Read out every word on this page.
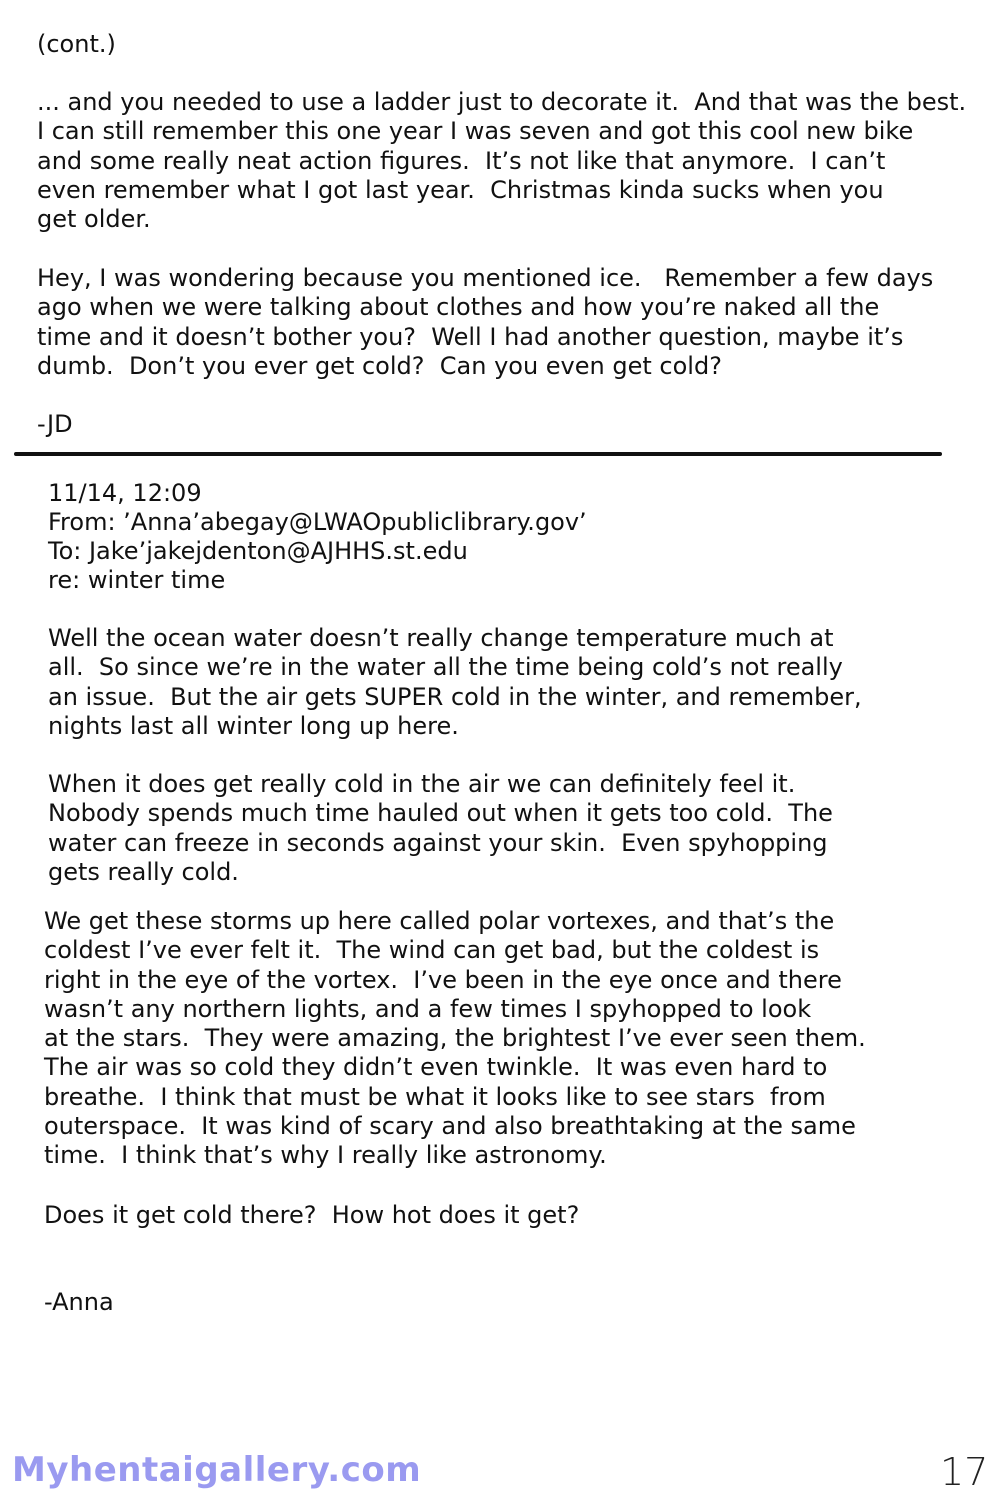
(cont.)

... and you needed to use a ladder just to decorate it.  And that was the best.
I can still remember this one year I was seven and got this cool new bike
and some really neat action figures.  It’s not like that anymore.  I can’t
even remember what I got last year.  Christmas kinda sucks when you
get older.

Hey, I was wondering because you mentioned ice.   Remember a few days
ago when we were talking about clothes and how you’re naked all the
time and it doesn’t bother you?  Well I had another question, maybe it’s
dumb.  Don’t you ever get cold?  Can you even get cold?

-JD

11/14, 12:09

From: ’Anna’abegay@LWAOpubliclibrary.gov’

To: Jake’jakejdenton@AJHHS.st.edu

re: winter time

Well the ocean water doesn’t really change temperature much at
all.  So since we’re in the water all the time being cold’s not really
an issue.  But the air gets SUPER cold in the winter, and remember,
nights last all winter long up here.

When it does get really cold in the air we can definitely feel it.
Nobody spends much time hauled out when it gets too cold.  The
water can freeze in seconds against your skin.  Even spyhopping
gets really cold.

We get these storms up here called polar vortexes, and that’s the
coldest I’ve ever felt it.  The wind can get bad, but the coldest is
right in the eye of the vortex.  I’ve been in the eye once and there
wasn’t any northern lights, and a few times I spyhopped to look
at the stars.  They were amazing, the brightest I’ve ever seen them.
The air was so cold they didn’t even twinkle.  It was even hard to
breathe.  I think that must be what it looks like to see stars  from
outerspace.  It was kind of scary and also breathtaking at the same
time.  I think that’s why I really like astronomy.

Does it get cold there?  How hot does it get?

-Anna

Myhentaigallery.com	17
